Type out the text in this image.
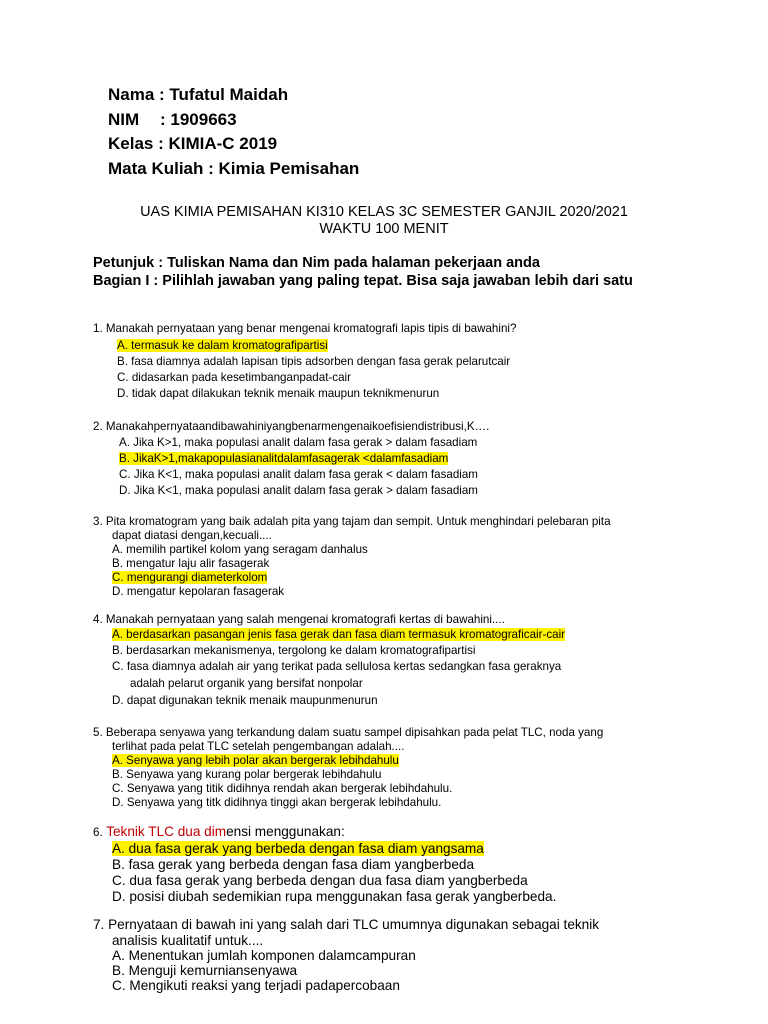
Nama : Tufatul Maidah
NIM : 1909663
Kelas : KIMIA-C 2019
Mata Kuliah : Kimia Pemisahan
UAS KIMIA PEMISAHAN KI310 KELAS 3C SEMESTER GANJIL 2020/2021
WAKTU 100 MENIT
Petunjuk : Tuliskan Nama dan Nim pada halaman pekerjaan anda
Bagian I : Pilihlah jawaban yang paling tepat. Bisa saja jawaban lebih dari satu
1. Manakah pernyataan yang benar mengenai kromatografi lapis tipis di bawahini?
A. termasuk ke dalam kromatografipartisi
B. fasa diamnya adalah lapisan tipis adsorben dengan fasa gerak pelarutcair
C. didasarkan pada kesetimbanganpadat-cair
D. tidak dapat dilakukan teknik menaik maupun teknikmenurun
2. Manakahpernyataandibawahiniyangbenarmengenaikoefisiendistribusi,K….
A. Jika K>1, maka populasi analit dalam fasa gerak > dalam fasadiam
B. JikaK>1,makapopulasianalitdalamfasagerak <dalamfasadiam
C. Jika K<1, maka populasi analit dalam fasa gerak < dalam fasadiam
D. Jika K<1, maka populasi analit dalam fasa gerak > dalam fasadiam
3. Pita kromatogram yang baik adalah pita yang tajam dan sempit. Untuk menghindari pelebaran pita
dapat diatasi dengan,kecuali....
A. memilih partikel kolom yang seragam danhalus
B. mengatur laju alir fasagerak
C. mengurangi diameterkolom
D. mengatur kepolaran fasagerak
4. Manakah pernyataan yang salah mengenai kromatografi kertas di bawahini....
A. berdasarkan pasangan jenis fasa gerak dan fasa diam termasuk kromatograficair-cair
B. berdasarkan mekanismenya, tergolong ke dalam kromatografipartisi
C. fasa diamnya adalah air yang terikat pada sellulosa kertas sedangkan fasa geraknya
adalah pelarut organik yang bersifat nonpolar
D. dapat digunakan teknik menaik maupunmenurun
5. Beberapa senyawa yang terkandung dalam suatu sampel dipisahkan pada pelat TLC, noda yang
terlihat pada pelat TLC setelah pengembangan adalah....
A. Senyawa yang lebih polar akan bergerak lebihdahulu
B. Senyawa yang kurang polar bergerak lebihdahulu
C. Senyawa yang titik didihnya rendah akan bergerak lebihdahulu.
D. Senyawa yang titk didihnya tinggi akan bergerak lebihdahulu.
6. Teknik TLC dua dimensi menggunakan:
A. dua fasa gerak yang berbeda dengan fasa diam yangsama
B. fasa gerak yang berbeda dengan fasa diam yangberbeda
C. dua fasa gerak yang berbeda dengan dua fasa diam yangberbeda
D. posisi diubah sedemikian rupa menggunakan fasa gerak yangberbeda.
7. Pernyataan di bawah ini yang salah dari TLC umumnya digunakan sebagai teknik
analisis kualitatif untuk....
A. Menentukan jumlah komponen dalamcampuran
B. Menguji kemurniansenyawa
C. Mengikuti reaksi yang terjadi padapercobaan
